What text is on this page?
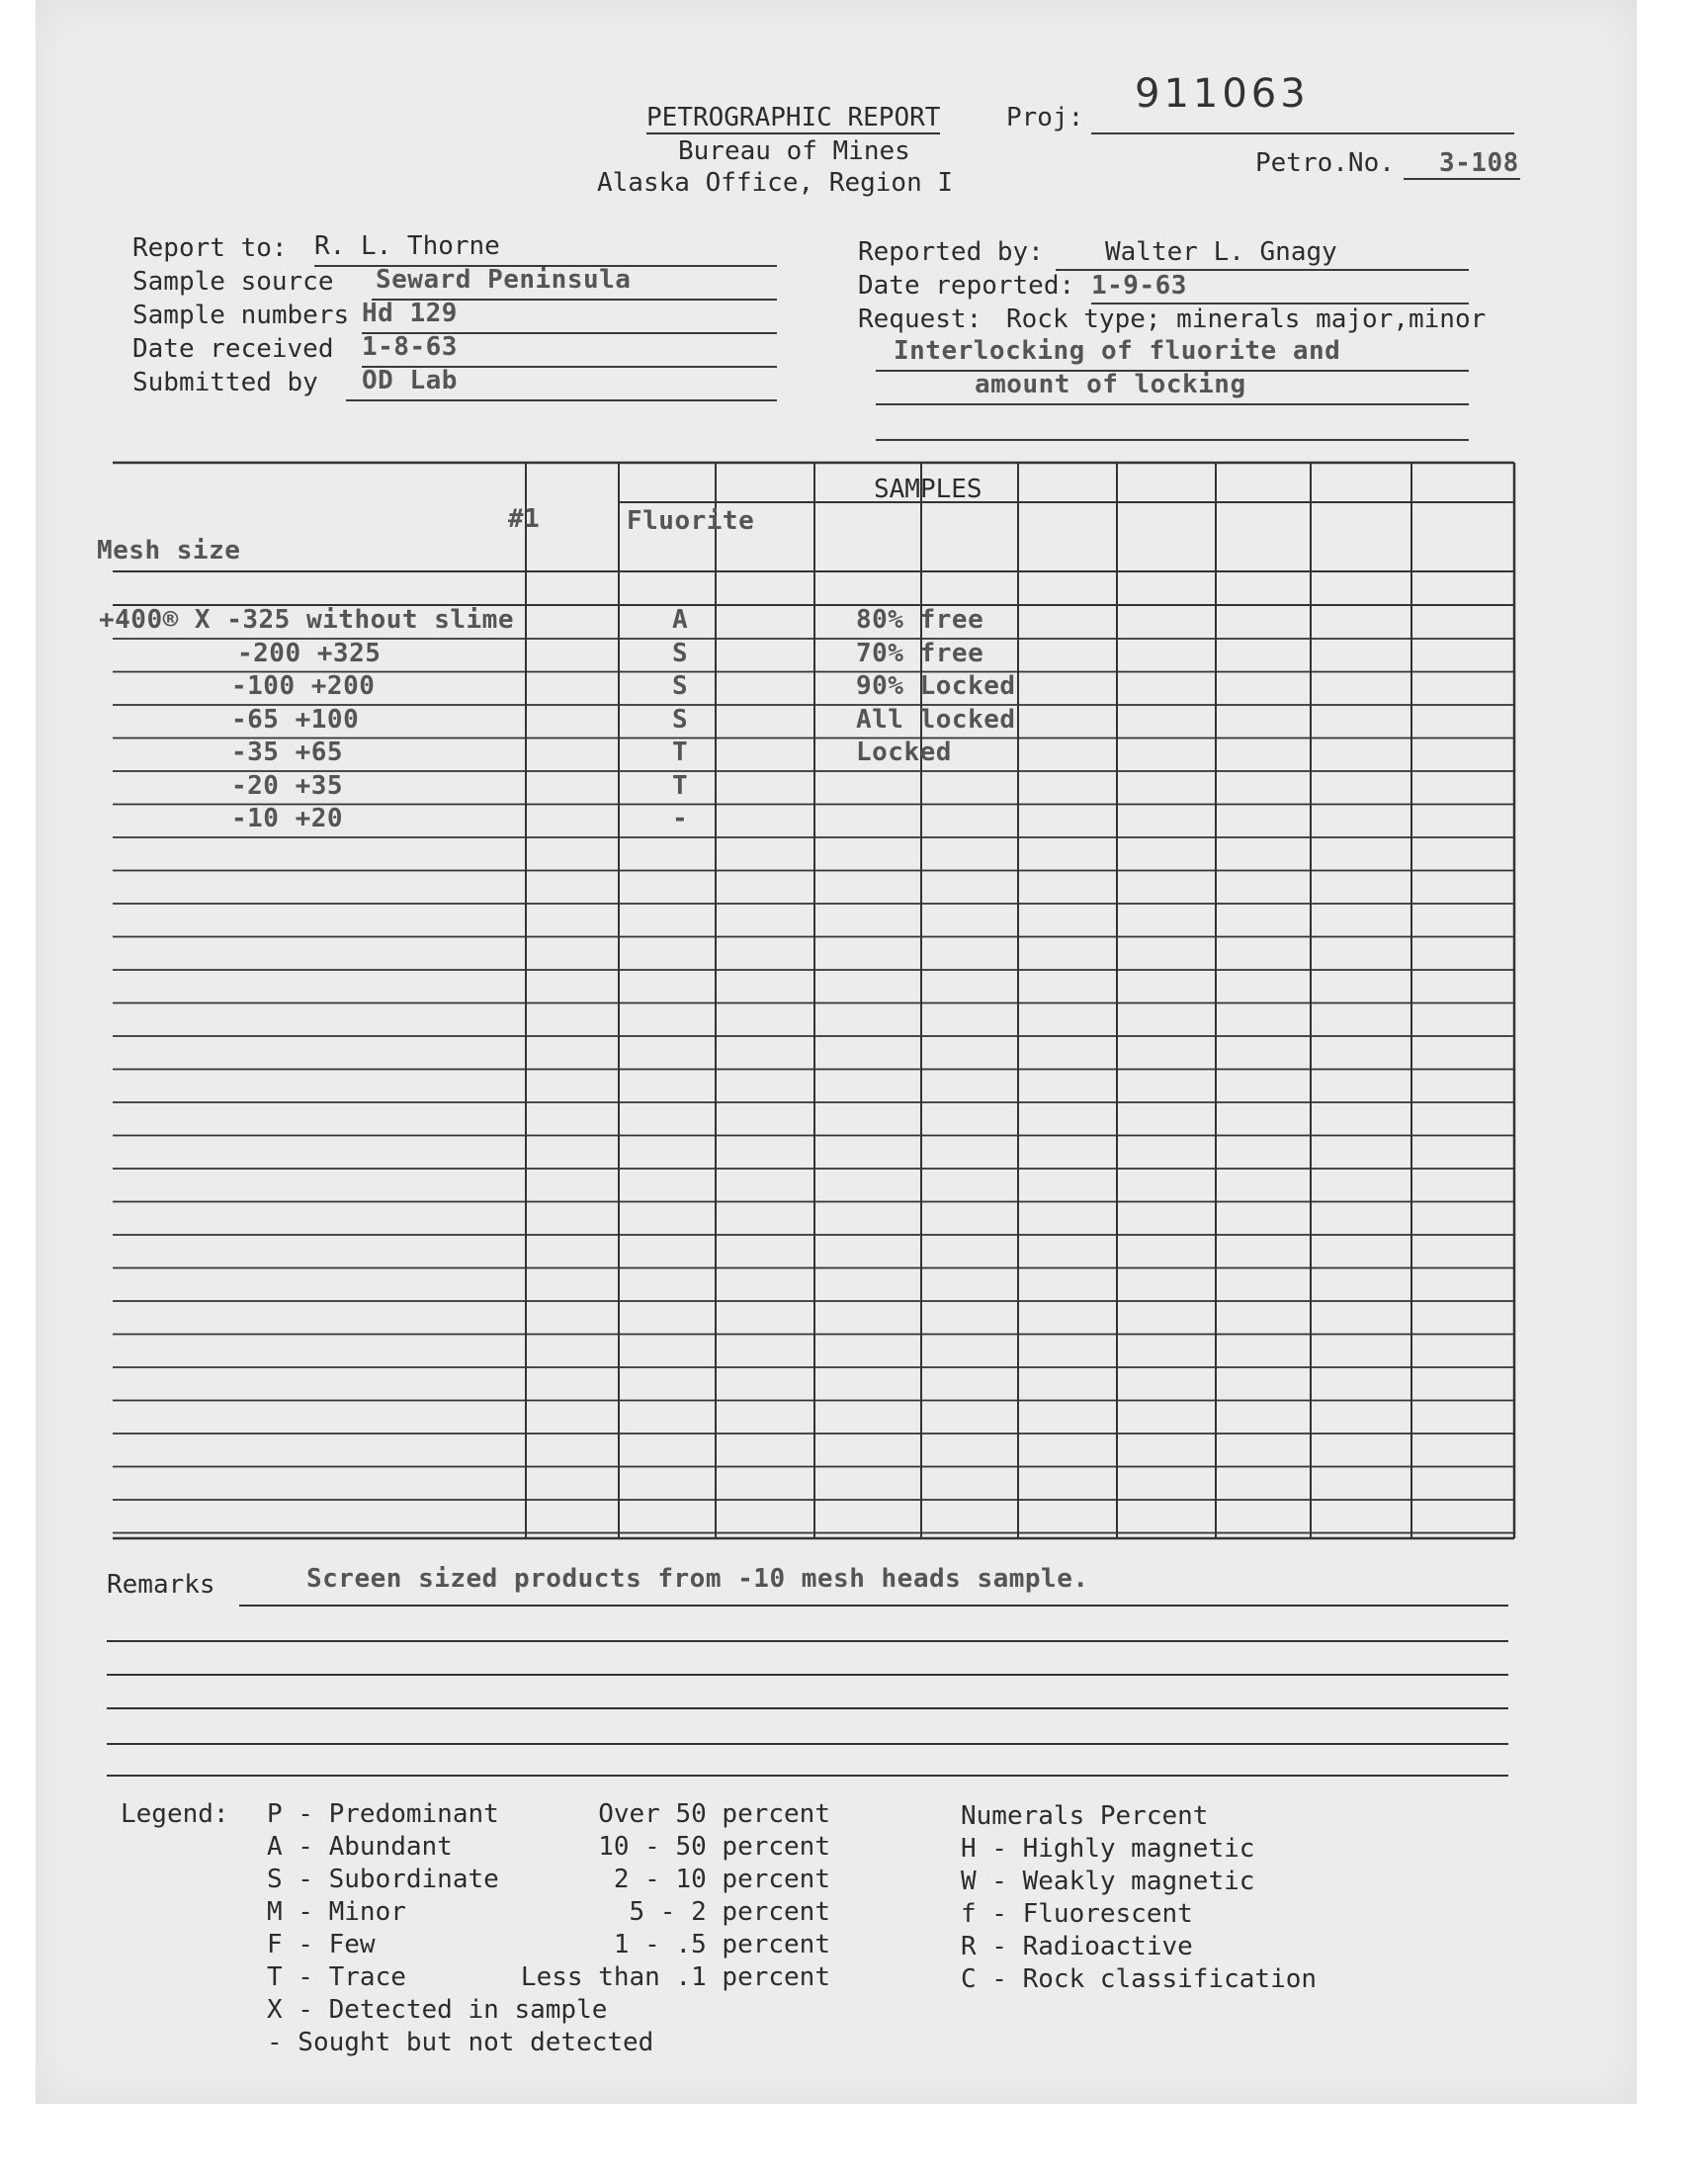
PETROGRAPHIC REPORT	Proj:
911063
Bureau of Mines
Alaska Office, Region I
Petro.No. 3-108
Report to: R. L. Thorne
Sample source Seward Peninsula
Sample numbers Hd 129
Date received 1-8-63
Submitted by OD Lab
Reported by: Walter L. Gnagy
Date reported: 1-9-63
Request: Rock type; minerals major,minor
Interlocking of fluorite and
amount of locking
SAMPLES
#1	Fluorite
Mesh size
+400® X -325 without slime	A	80% free
-200 +325	S	70% free
-100 +200	S	90% Locked
-65 +100	S	All locked
-35 +65	T	Locked
-20 +35	T
-10 +20	-
Remarks	Screen sized products from -10 mesh heads sample.
Legend: P - Predominant	Over 50 percent
A - Abundant	10 - 50 percent
S - Subordinate	2 - 10 percent
M - Minor	5 - 2 percent
F - Few	1 - .5 percent
T - Trace	Less than .1 percent
X - Detected in sample
- Sought but not detected
Numerals Percent
H - Highly magnetic
W - Weakly magnetic
f - Fluorescent
R - Radioactive
C - Rock classification
